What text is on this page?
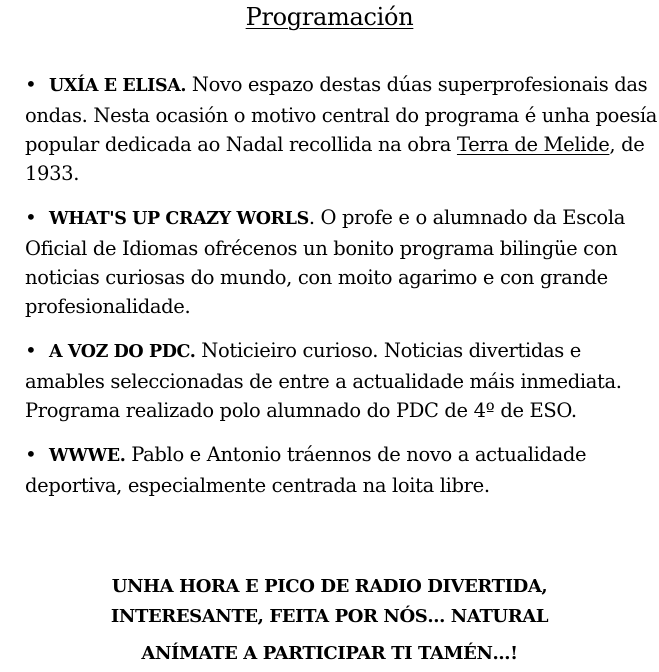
Programación
• UXÍA E ELISA. Novo espazo destas dúas superprofesionais das ondas. Nesta ocasión o motivo central do programa é unha poesía popular dedicada ao Nadal recollida na obra Terra de Melide, de 1933.
• WHAT'S UP CRAZY WORLS. O profe e o alumnado da Escola Oficial de Idiomas ofrécenos un bonito programa bilingüe con noticias curiosas do mundo, con moito agarimo e con grande profesionalidade.
• A VOZ DO PDC. Noticieiro curioso. Noticias divertidas e amables seleccionadas de entre a actualidade máis inmediata. Programa realizado polo alumnado do PDC de 4º de ESO.
• WWWE. Pablo e Antonio tráennos de novo a actualidade deportiva, especialmente centrada na loita libre.
UNHA HORA E PICO DE RADIO DIVERTIDA,
INTERESANTE, FEITA POR NÓS… NATURAL
ANÍMATE A PARTICIPAR TI TAMÉN…!
